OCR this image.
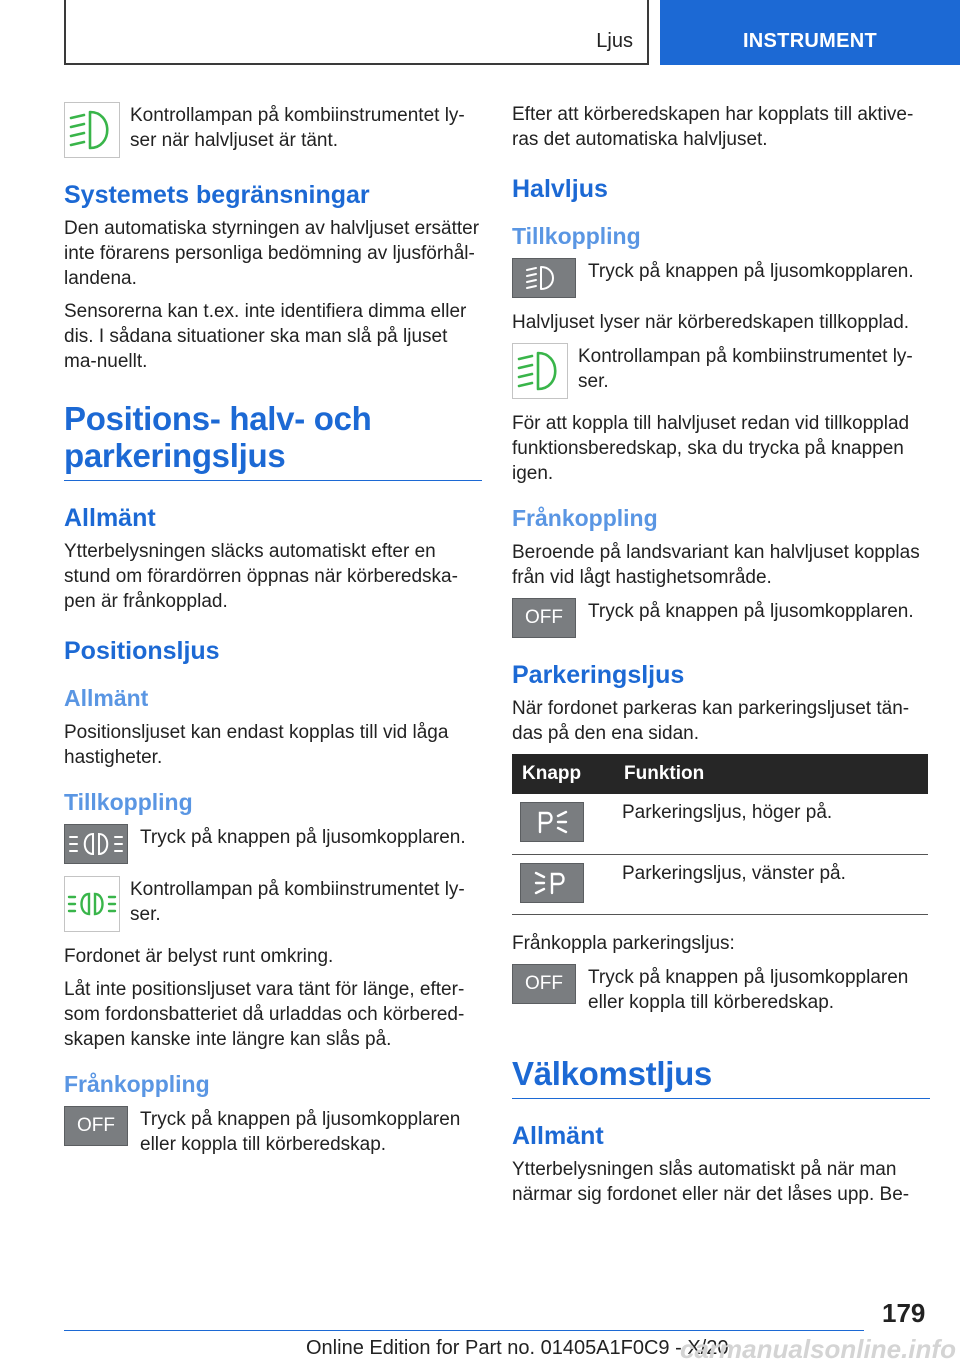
Ljus	INSTRUMENT
Kontrollampan på kombiinstrumentet ly-ser när halvljuset är tänt.
Systemets begränsningar

Den automatiska styrningen av halvljuset ersätter inte förarens personliga bedömning av ljusförhål-landena.

Sensorerna kan t.ex. inte identifiera dimma eller dis. I sådana situationer ska man slå på ljuset ma-nuellt.

Positions- halv- och parkeringsljus
Allmänt

Ytterbelysningen släcks automatiskt efter en stund om förardörren öppnas när körberedska-pen är frånkopplad.

Positionsljus
Allmänt

Positionsljuset kan endast kopplas till vid låga hastigheter.

Tillkoppling
Tryck på knappen på ljusomkopplaren.
Kontrollampan på kombiinstrumentet ly-ser.

Fordonet är belyst runt omkring.

Låt inte positionsljuset vara tänt för länge, efter-som fordonsbatteriet då urladdas och körbered-skapen kanske inte längre kan slås på.

Frånkoppling
OFF	Tryck på knappen på ljusomkopplaren eller koppla till körberedskap.

Efter att körberedskapen har kopplats till aktive-ras det automatiska halvljuset.

Halvljus
Tillkoppling
Tryck på knappen på ljusomkopplaren.

Halvljuset lyser när körberedskapen tillkopplad.

Kontrollampan på kombiinstrumentet ly-ser.

För att koppla till halvljuset redan vid tillkopplad funktionsberedskap, ska du trycka på knappen igen.

Frånkoppling

Beroende på landsvariant kan halvljuset kopplas från vid lågt hastighetsområde.

OFF	Tryck på knappen på ljusomkopplaren.
Parkeringsljus

När fordonet parkeras kan parkeringsljuset tän-das på den ena sidan.

Knapp	Funktion

	Parkeringsljus, höger på.

	Parkeringsljus, vänster på.

Frånkoppla parkeringsljus:

OFF	Tryck på knappen på ljusomkopplaren eller koppla till körberedskap.
Välkomstljus
Allmänt

Ytterbelysningen slås automatiskt på när man närmar sig fordonet eller när det låses upp. Be-

179
Online Edition for Part no. 01405A1F0C9 - X/20
carmanualsonline.info
